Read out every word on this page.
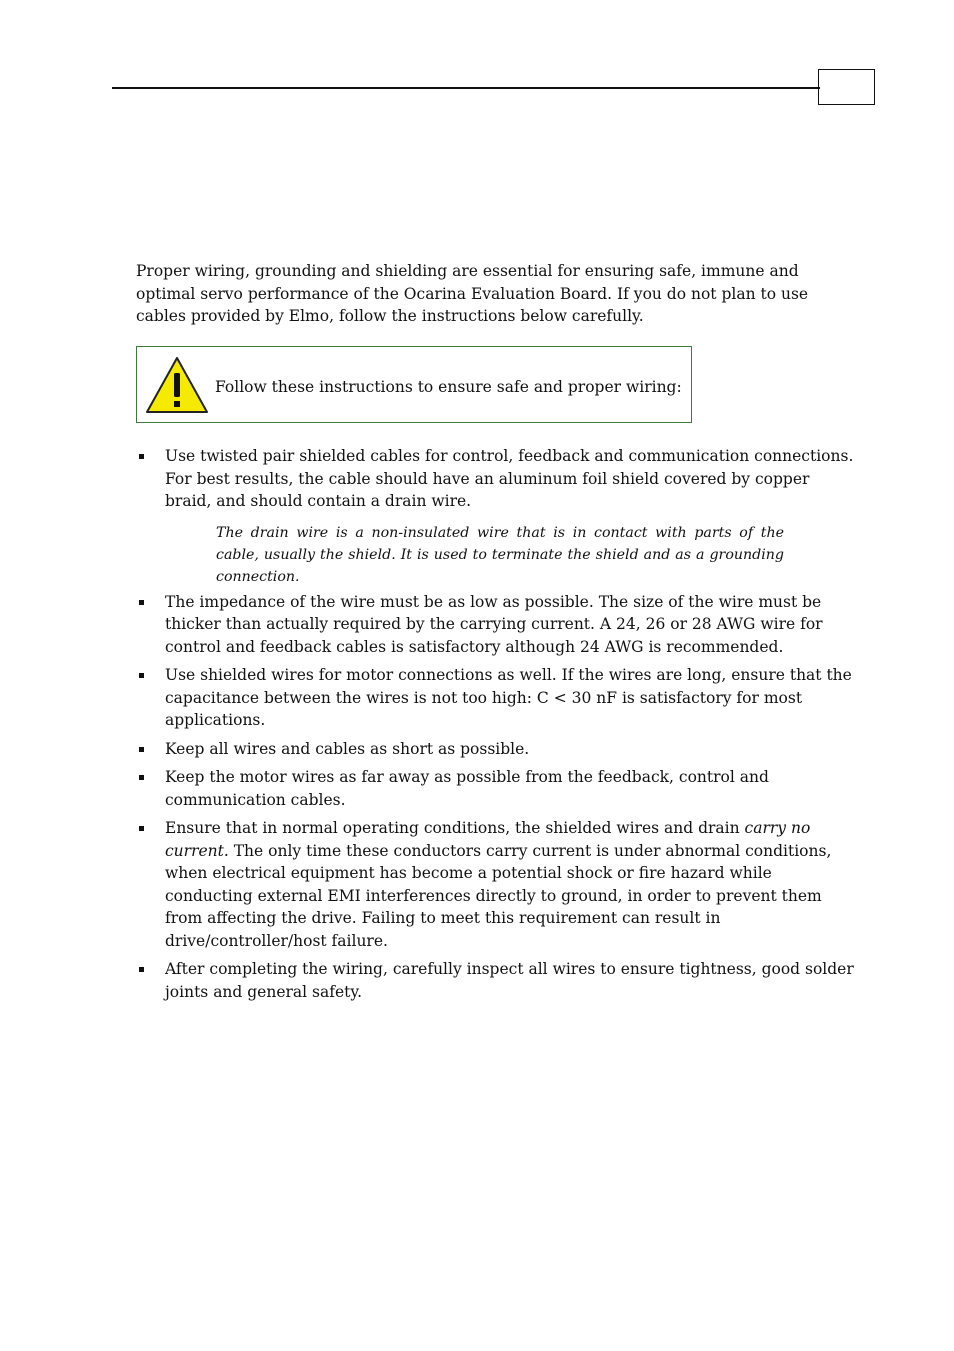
Proper wiring, grounding and shielding are essential for ensuring safe, immune and optimal servo performance of the Ocarina Evaluation Board. If you do not plan to use cables provided by Elmo, follow the instructions below carefully.

Follow these instructions to ensure safe and proper wiring:

Use twisted pair shielded cables for control, feedback and communication connections. For best results, the cable should have an aluminum foil shield covered by copper braid, and should contain a drain wire.

The drain wire is a non-insulated wire that is in contact with parts of the cable, usually the shield. It is used to terminate the shield and as a grounding connection.

The impedance of the wire must be as low as possible. The size of the wire must be thicker than actually required by the carrying current. A 24, 26 or 28 AWG wire for control and feedback cables is satisfactory although 24 AWG is recommended.
Use shielded wires for motor connections as well. If the wires are long, ensure that the capacitance between the wires is not too high: C < 30 nF is satisfactory for most applications.
Keep all wires and cables as short as possible.
Keep the motor wires as far away as possible from the feedback, control and communication cables.
Ensure that in normal operating conditions, the shielded wires and drain carry no current. The only time these conductors carry current is under abnormal conditions, when electrical equipment has become a potential shock or fire hazard while conducting external EMI interferences directly to ground, in order to prevent them from affecting the drive. Failing to meet this requirement can result in drive/controller/host failure.
After completing the wiring, carefully inspect all wires to ensure tightness, good solder joints and general safety.
